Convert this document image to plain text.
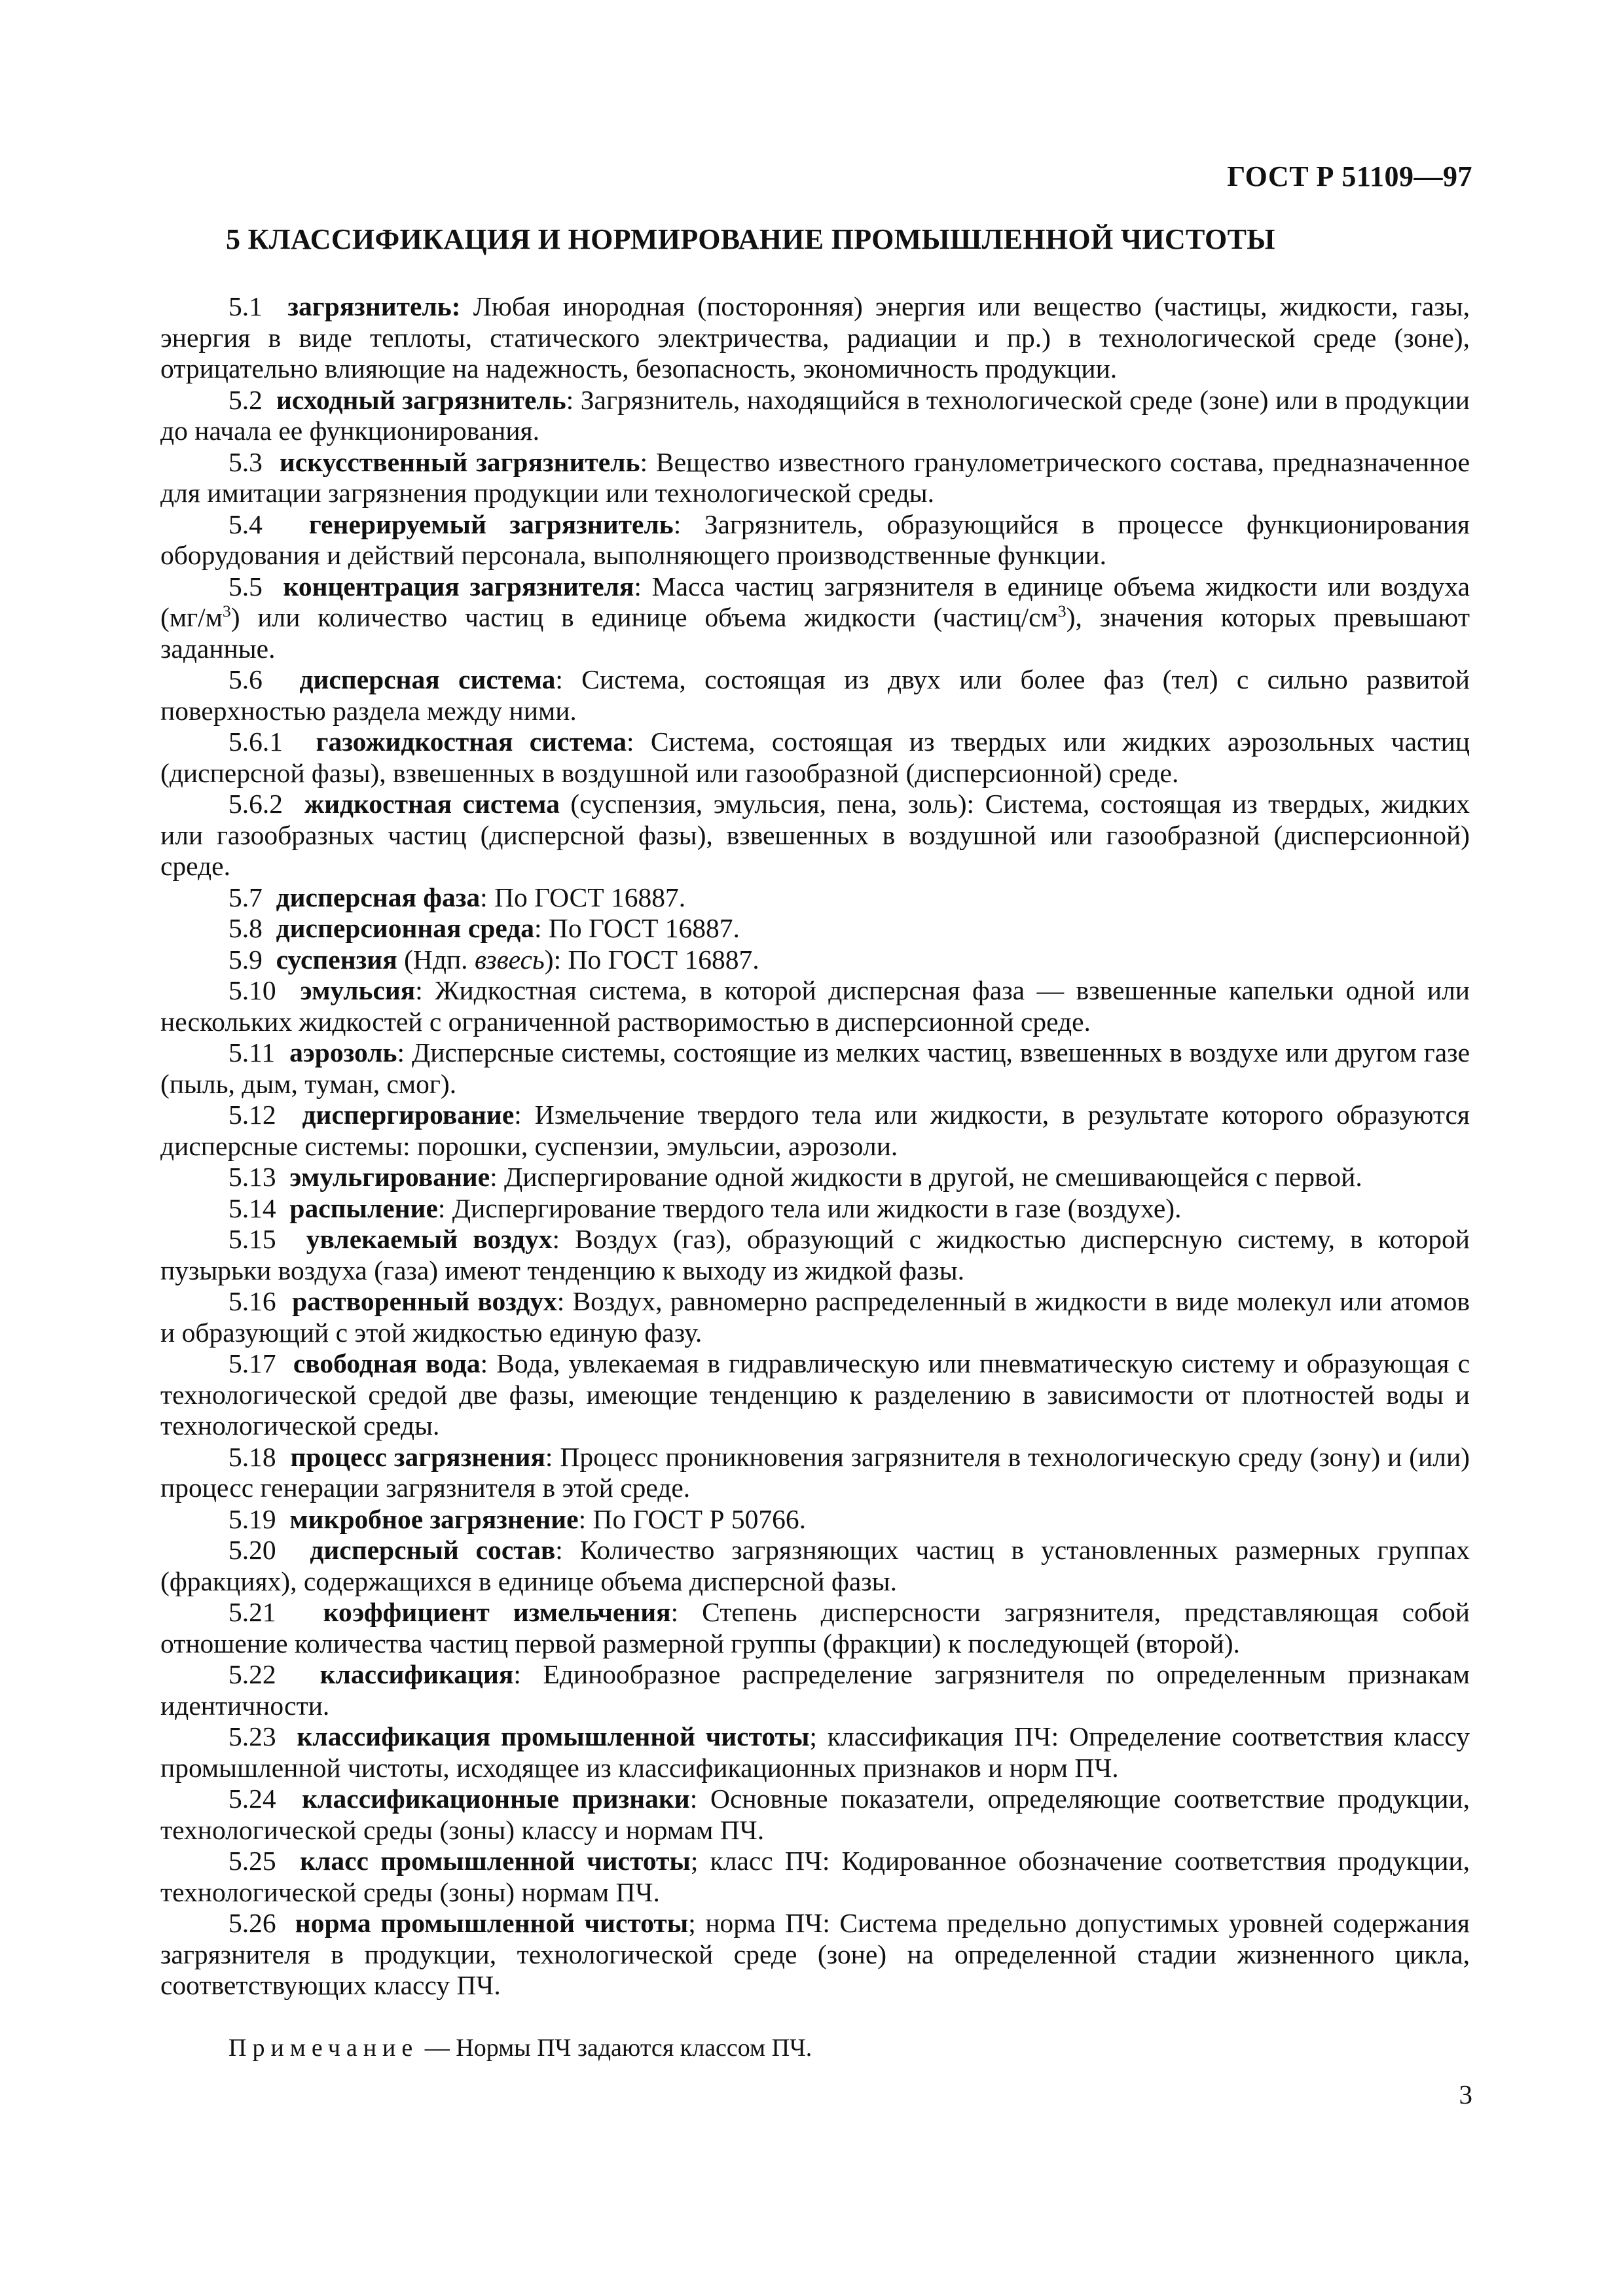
ГОСТ Р 51109—97

5 КЛАССИФИКАЦИЯ И НОРМИРОВАНИЕ ПРОМЫШЛЕННОЙ ЧИСТОТЫ

5.1 загрязнитель: Любая инородная (посторонняя) энергия или вещество (частицы, жидкости, газы, энергия в виде теплоты, статического электричества, радиации и пр.) в технологической среде (зоне), отрицательно влияющие на надежность, безопасность, экономичность продукции.

5.2 исходный загрязнитель: Загрязнитель, находящийся в технологической среде (зоне) или в продукции до начала ее функционирования.

5.3 искусственный загрязнитель: Вещество известного гранулометрического состава, предназначенное для имитации загрязнения продукции или технологической среды.

5.4 генерируемый загрязнитель: Загрязнитель, образующийся в процессе функционирования оборудования и действий персонала, выполняющего производственные функции.

5.5 концентрация загрязнителя: Масса частиц загрязнителя в единице объема жидкости или воздуха $(мг/м^3)$ или количество частиц в единице объема жидкости $(частиц/см^3)$, значения которых превышают заданные.

5.6 дисперсная система: Система, состоящая из двух или более фаз (тел) с сильно развитой поверхностью раздела между ними.

5.6.1 газожидкостная система: Система, состоящая из твердых или жидких аэрозольных частиц (дисперсной фазы), взвешенных в воздушной или газообразной (дисперсионной) среде.

5.6.2 жидкостная система (суспензия, эмульсия, пена, золь): Система, состоящая из твердых, жидких или газообразных частиц (дисперсной фазы), взвешенных в воздушной или газообразной (дисперсионной) среде.

5.7 дисперсная фаза: По ГОСТ 16887.

5.8 дисперсионная среда: По ГОСТ 16887.

5.9 суспензия (Ндп. взвесь): По ГОСТ 16887.

5.10 эмульсия: Жидкостная система, в которой дисперсная фаза — взвешенные капельки одной или нескольких жидкостей с ограниченной растворимостью в дисперсионной среде.

5.11 аэрозоль: Дисперсные системы, состоящие из мелких частиц, взвешенных в воздухе или другом газе (пыль, дым, туман, смог).

5.12 диспергирование: Измельчение твердого тела или жидкости, в результате которого образуются дисперсные системы: порошки, суспензии, эмульсии, аэрозоли.

5.13 эмульгирование: Диспергирование одной жидкости в другой, не смешивающейся с первой.

5.14 распыление: Диспергирование твердого тела или жидкости в газе (воздухе).

5.15 увлекаемый воздух: Воздух (газ), образующий с жидкостью дисперсную систему, в которой пузырьки воздуха (газа) имеют тенденцию к выходу из жидкой фазы.

5.16 растворенный воздух: Воздух, равномерно распределенный в жидкости в виде молекул или атомов и образующий с этой жидкостью единую фазу.

5.17 свободная вода: Вода, увлекаемая в гидравлическую или пневматическую систему и образующая с технологической средой две фазы, имеющие тенденцию к разделению в зависимости от плотностей воды и технологической среды.

5.18 процесс загрязнения: Процесс проникновения загрязнителя в технологическую среду (зону) и (или) процесс генерации загрязнителя в этой среде.

5.19 микробное загрязнение: По ГОСТ Р 50766.

5.20 дисперсный состав: Количество загрязняющих частиц в установленных размерных группах (фракциях), содержащихся в единице объема дисперсной фазы.

5.21 коэффициент измельчения: Степень дисперсности загрязнителя, представляющая собой отношение количества частиц первой размерной группы (фракции) к последующей (второй).

5.22 классификация: Единообразное распределение загрязнителя по определенным признакам идентичности.

5.23 классификация промышленной чистоты; классификация ПЧ: Определение соответствия классу промышленной чистоты, исходящее из классификационных признаков и норм ПЧ.

5.24 классификационные признаки: Основные показатели, определяющие соответствие продукции, технологической среды (зоны) классу и нормам ПЧ.

5.25 класс промышленной чистоты; класс ПЧ: Кодированное обозначение соответствия продукции, технологической среды (зоны) нормам ПЧ.

5.26 норма промышленной чистоты; норма ПЧ: Система предельно допустимых уровней содержания загрязнителя в продукции, технологической среде (зоне) на определенной стадии жизненного цикла, соответствующих классу ПЧ.

Примечание — Нормы ПЧ задаются классом ПЧ.

3
